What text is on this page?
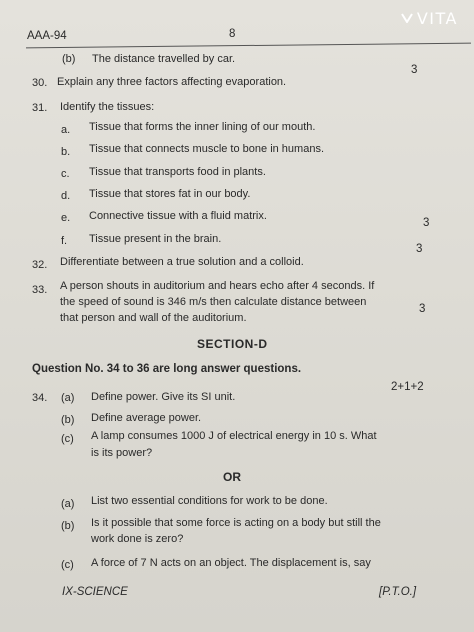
VITA
AAA-94	8
(b) The distance travelled by car.
30. Explain any three factors affecting evaporation.
3
31. Identify the tissues:
a. Tissue that forms the inner lining of our mouth.
b. Tissue that connects muscle to bone in humans.
c. Tissue that transports food in plants.
d. Tissue that stores fat in our body.
e. Connective tissue with a fluid matrix.
f. Tissue present in the brain.
3
32. Differentiate between a true solution and a colloid.
3
33. A person shouts in auditorium and hears echo after 4 seconds. If
the speed of sound is 346 m/s then calculate distance between
that person and wall of the auditorium.
3
SECTION-D
Question No. 34 to 36 are long answer questions.
34. (a) Define power. Give its SI unit.
2+1+2
(b) Define average power.
(c) A lamp consumes 1000 J of electrical energy in 10 s. What
is its power?
OR
(a) List two essential conditions for work to be done.
(b) Is it possible that some force is acting on a body but still the
work done is zero?
(c) A force of 7 N acts on an object. The displacement is, say
IX-SCIENCE	[P.T.O.]
